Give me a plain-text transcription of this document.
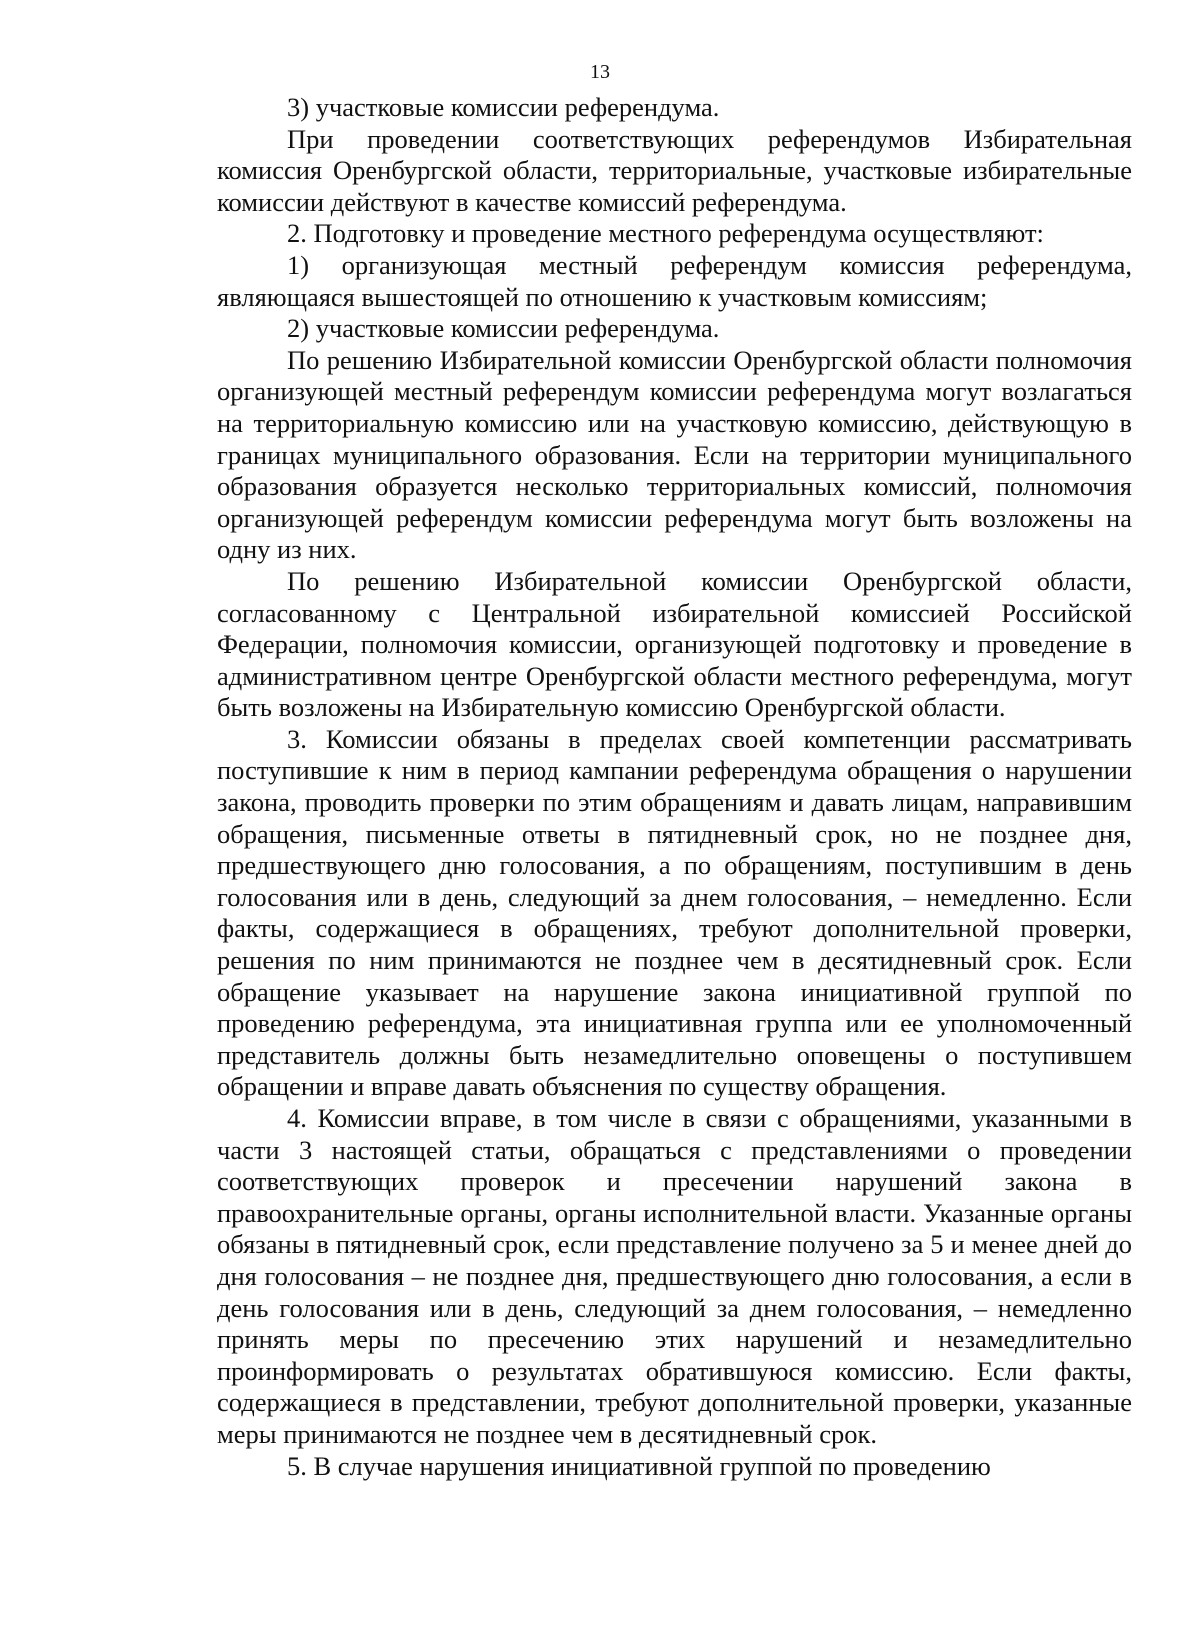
13

3) участковые комиссии референдума.

При проведении соответствующих референдумов Избирательная комиссия Оренбургской области, территориальные, участковые избирательные комиссии действуют в качестве комиссий референдума.

2. Подготовку и проведение местного референдума осуществляют:

1) организующая местный референдум комиссия референдума, являющаяся вышестоящей по отношению к участковым комиссиям;

2) участковые комиссии референдума.

По решению Избирательной комиссии Оренбургской области полномочия организующей местный референдум комиссии референдума могут возлагаться на территориальную комиссию или на участковую комиссию, действующую в границах муниципального образования. Если на территории муниципального образования образуется несколько территориальных комиссий, полномочия организующей референдум комиссии референдума могут быть возложены на одну из них.

По решению Избирательной комиссии Оренбургской области, согласованному с Центральной избирательной комиссией Российской Федерации, полномочия комиссии, организующей подготовку и проведение в административном центре Оренбургской области местного референдума, могут быть возложены на Избирательную комиссию Оренбургской области.

3. Комиссии обязаны в пределах своей компетенции рассматривать поступившие к ним в период кампании референдума обращения о нарушении закона, проводить проверки по этим обращениям и давать лицам, направившим обращения, письменные ответы в пятидневный срок, но не позднее дня, предшествующего дню голосования, а по обращениям, поступившим в день голосования или в день, следующий за днем голосования, – немедленно. Если факты, содержащиеся в обращениях, требуют дополнительной проверки, решения по ним принимаются не позднее чем в десятидневный срок. Если обращение указывает на нарушение закона инициативной группой по проведению референдума, эта инициативная группа или ее уполномоченный представитель должны быть незамедлительно оповещены о поступившем обращении и вправе давать объяснения по существу обращения.

4. Комиссии вправе, в том числе в связи с обращениями, указанными в части 3 настоящей статьи, обращаться с представлениями о проведении соответствующих проверок и пресечении нарушений закона в правоохранительные органы, органы исполнительной власти. Указанные органы обязаны в пятидневный срок, если представление получено за 5 и менее дней до дня голосования – не позднее дня, предшествующего дню голосования, а если в день голосования или в день, следующий за днем голосования, – немедленно принять меры по пресечению этих нарушений и незамедлительно проинформировать о результатах обратившуюся комиссию. Если факты, содержащиеся в представлении, требуют дополнительной проверки, указанные меры принимаются не позднее чем в десятидневный срок.

5. В случае нарушения инициативной группой по проведению
